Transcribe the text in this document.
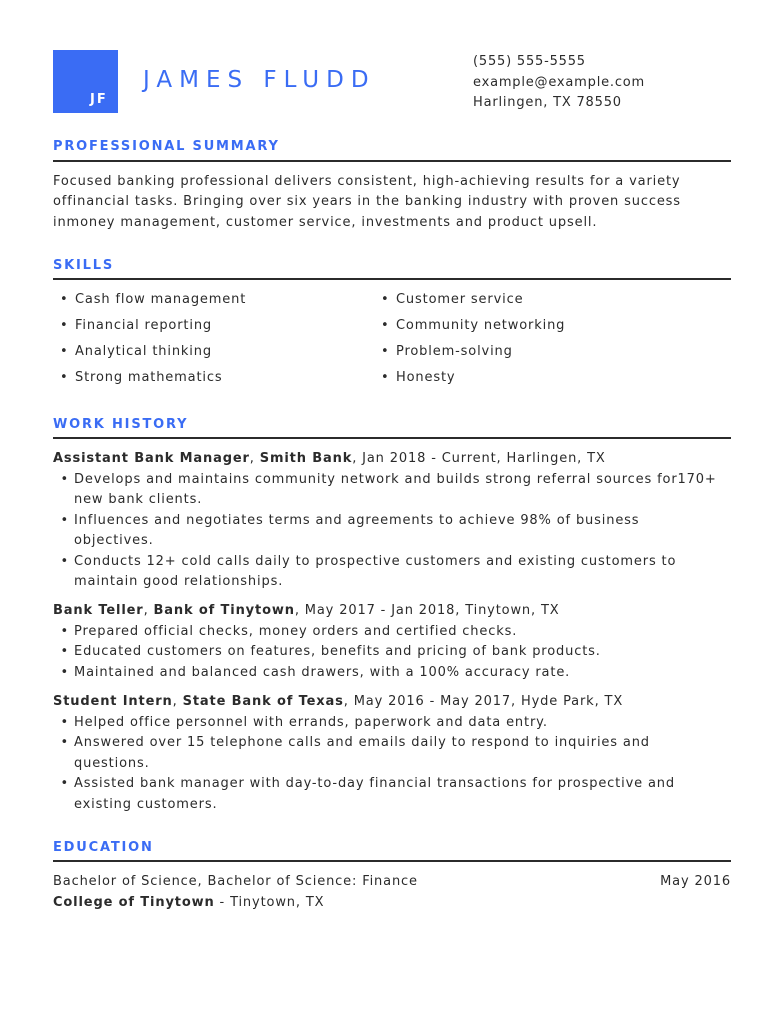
JF
JAMES FLUDD
(555) 555-5555
example@example.com
Harlingen, TX 78550
PROFESSIONAL SUMMARY
Focused banking professional delivers consistent, high-achieving results for a variety
offinancial tasks. Bringing over six years in the banking industry with proven success
inmoney management, customer service, investments and product upsell.
SKILLS
• Cash flow management
• Financial reporting
• Analytical thinking
• Strong mathematics
• Customer service
• Community networking
• Problem-solving
• Honesty
WORK HISTORY
Assistant Bank Manager, Smith Bank, Jan 2018 - Current, Harlingen, TX
• Develops and maintains community network and builds strong referral sources for170+
new bank clients.
• Influences and negotiates terms and agreements to achieve 98% of business
objectives.
• Conducts 12+ cold calls daily to prospective customers and existing customers to
maintain good relationships.
Bank Teller, Bank of Tinytown, May 2017 - Jan 2018, Tinytown, TX
• Prepared official checks, money orders and certified checks.
• Educated customers on features, benefits and pricing of bank products.
• Maintained and balanced cash drawers, with a 100% accuracy rate.
Student Intern, State Bank of Texas, May 2016 - May 2017, Hyde Park, TX
• Helped office personnel with errands, paperwork and data entry.
• Answered over 15 telephone calls and emails daily to respond to inquiries and
questions.
• Assisted bank manager with day-to-day financial transactions for prospective and
existing customers.
EDUCATION
Bachelor of Science, Bachelor of Science: Finance	May 2016
College of Tinytown - Tinytown, TX
